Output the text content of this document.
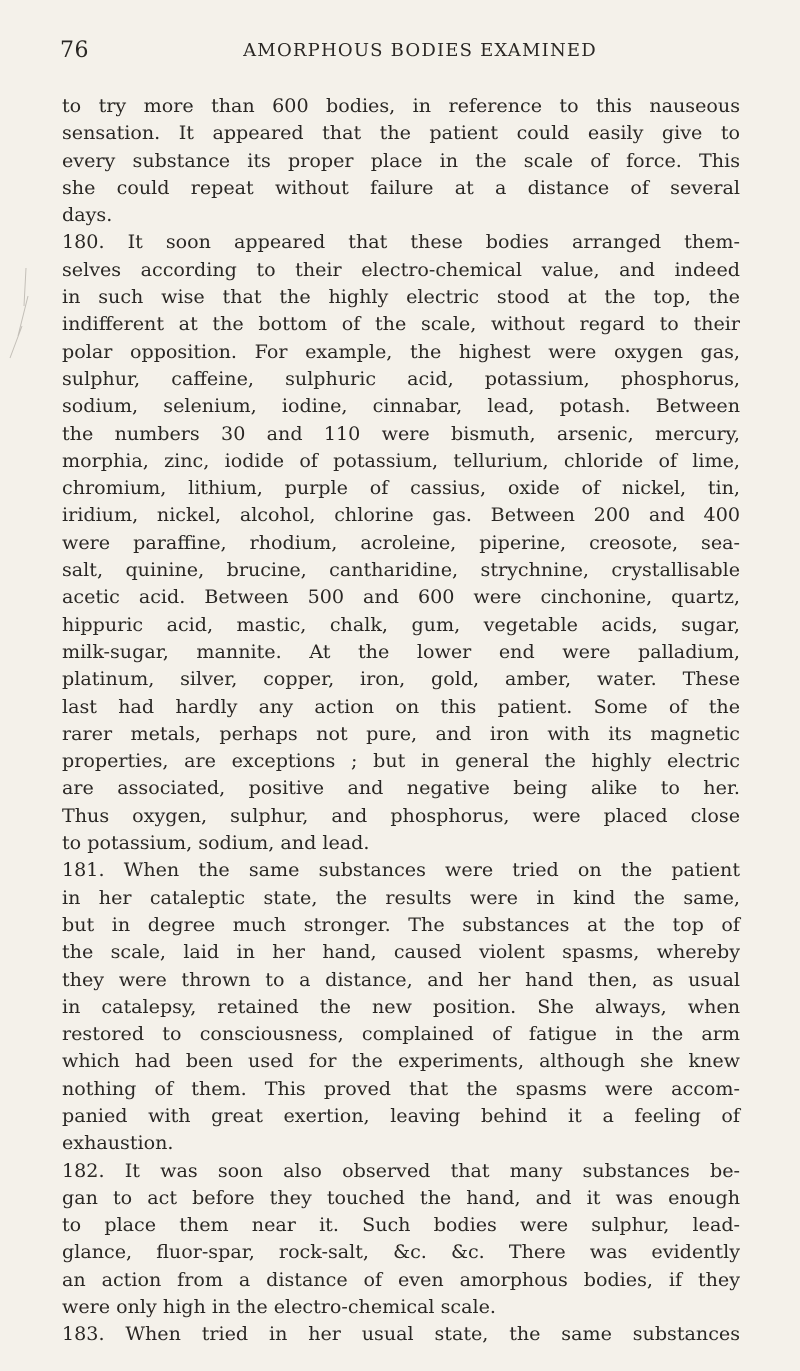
76	AMORPHOUS BODIES EXAMINED
to try more than 600 bodies, in reference to this nauseous
sensation. It appeared that the patient could easily give to
every substance its proper place in the scale of force. This
she could repeat without failure at a distance of several
days.
180. It soon appeared that these bodies arranged them-
selves according to their electro-chemical value, and indeed
in such wise that the highly electric stood at the top, the
indifferent at the bottom of the scale, without regard to their
polar opposition. For example, the highest were oxygen gas,
sulphur, caffeine, sulphuric acid, potassium, phosphorus,
sodium, selenium, iodine, cinnabar, lead, potash. Between
the numbers 30 and 110 were bismuth, arsenic, mercury,
morphia, zinc, iodide of potassium, tellurium, chloride of lime,
chromium, lithium, purple of cassius, oxide of nickel, tin,
iridium, nickel, alcohol, chlorine gas. Between 200 and 400
were paraffine, rhodium, acroleine, piperine, creosote, sea-
salt, quinine, brucine, cantharidine, strychnine, crystallisable
acetic acid. Between 500 and 600 were cinchonine, quartz,
hippuric acid, mastic, chalk, gum, vegetable acids, sugar,
milk-sugar, mannite. At the lower end were palladium,
platinum, silver, copper, iron, gold, amber, water. These
last had hardly any action on this patient. Some of the
rarer metals, perhaps not pure, and iron with its magnetic
properties, are exceptions ; but in general the highly electric
are associated, positive and negative being alike to her.
Thus oxygen, sulphur, and phosphorus, were placed close
to potassium, sodium, and lead.
181. When the same substances were tried on the patient
in her cataleptic state, the results were in kind the same,
but in degree much stronger. The substances at the top of
the scale, laid in her hand, caused violent spasms, whereby
they were thrown to a distance, and her hand then, as usual
in catalepsy, retained the new position. She always, when
restored to consciousness, complained of fatigue in the arm
which had been used for the experiments, although she knew
nothing of them. This proved that the spasms were accom-
panied with great exertion, leaving behind it a feeling of
exhaustion.
182. It was soon also observed that many substances be-
gan to act before they touched the hand, and it was enough
to place them near it. Such bodies were sulphur, lead-
glance, fluor-spar, rock-salt, &c. &c. There was evidently
an action from a distance of even amorphous bodies, if they
were only high in the electro-chemical scale.
183. When tried in her usual state, the same substances
